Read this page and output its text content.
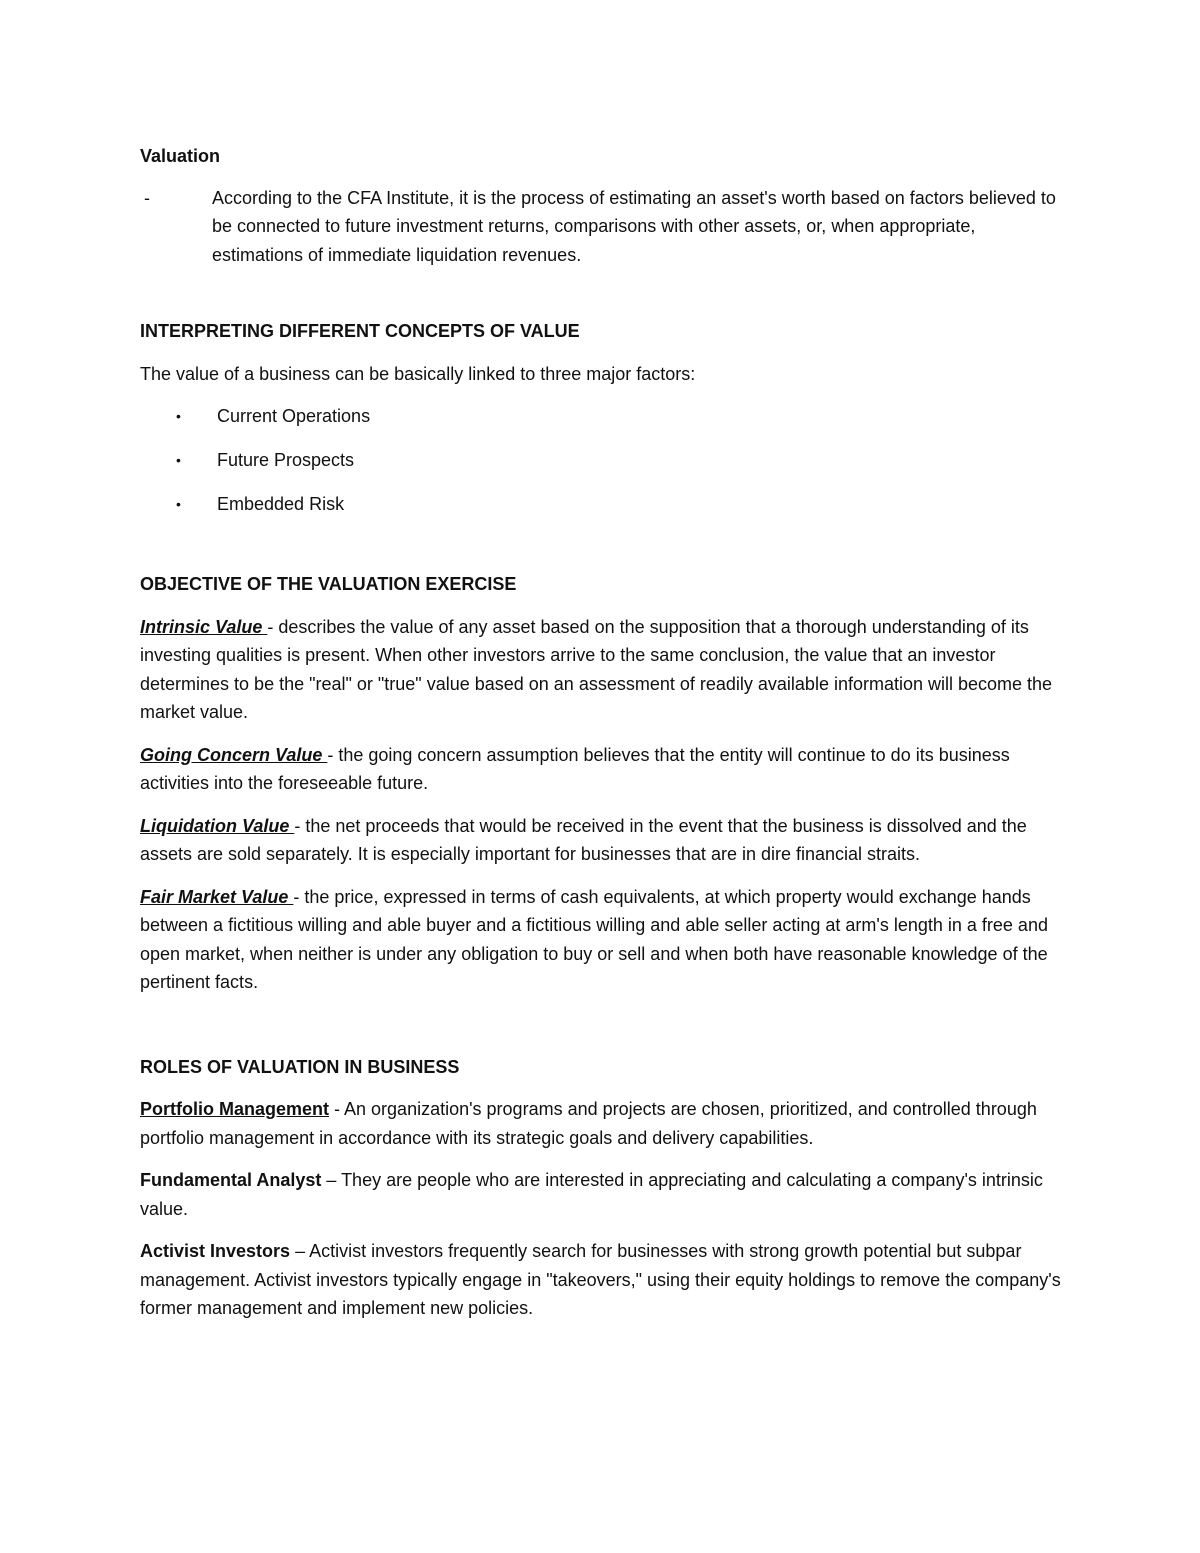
Valuation
-	According to the CFA Institute, it is the process of estimating an asset's worth based on factors believed to be connected to future investment returns, comparisons with other assets, or, when appropriate, estimations of immediate liquidation revenues.
INTERPRETING DIFFERENT CONCEPTS OF VALUE

The value of a business can be basically linked to three major factors:

•	Current Operations
•	Future Prospects
•	Embedded Risk
OBJECTIVE OF THE VALUATION EXERCISE

Intrinsic Value - describes the value of any asset based on the supposition that a thorough understanding of its investing qualities is present. When other investors arrive to the same conclusion, the value that an investor determines to be the "real" or "true" value based on an assessment of readily available information will become the market value.

Going Concern Value - the going concern assumption believes that the entity will continue to do its business activities into the foreseeable future.

Liquidation Value - the net proceeds that would be received in the event that the business is dissolved and the assets are sold separately. It is especially important for businesses that are in dire financial straits.

Fair Market Value - the price, expressed in terms of cash equivalents, at which property would exchange hands between a fictitious willing and able buyer and a fictitious willing and able seller acting at arm's length in a free and open market, when neither is under any obligation to buy or sell and when both have reasonable knowledge of the pertinent facts.

ROLES OF VALUATION IN BUSINESS

Portfolio Management - An organization's programs and projects are chosen, prioritized, and controlled through portfolio management in accordance with its strategic goals and delivery capabilities.

Fundamental Analyst – They are people who are interested in appreciating and calculating a company's intrinsic value.

Activist Investors – Activist investors frequently search for businesses with strong growth potential but subpar management. Activist investors typically engage in "takeovers," using their equity holdings to remove the company's former management and implement new policies.
